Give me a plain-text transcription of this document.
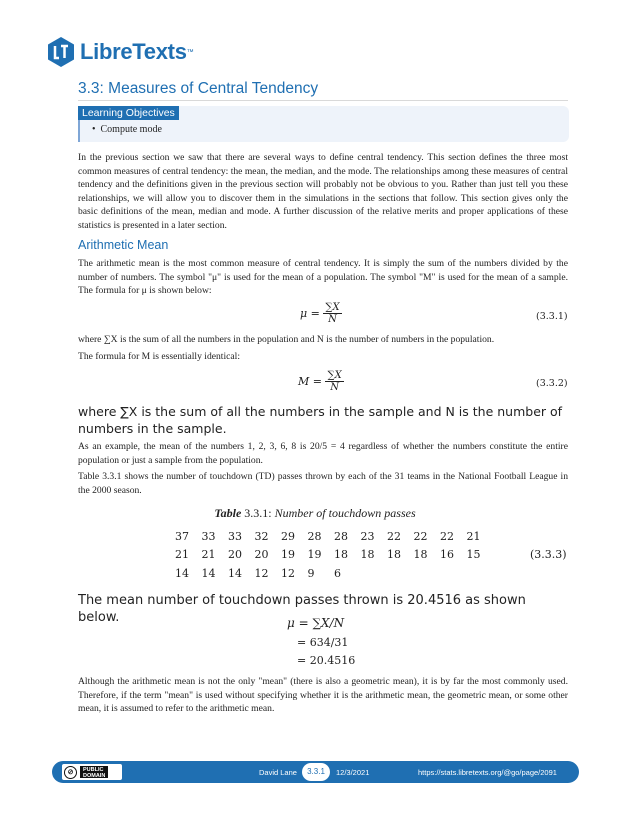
LibreTexts ™
3.3: Measures of Central Tendency
Learning Objectives
•  Compute mode
In the previous section we saw that there are several ways to define central tendency. This section defines the three most common measures of central tendency: the mean, the median, and the mode. The relationships among these measures of central tendency and the definitions given in the previous section will probably not be obvious to you. Rather than just tell you these relationships, we will allow you to discover them in the simulations in the sections that follow. This section gives only the basic definitions of the mean, median and mode. A further discussion of the relative merits and proper applications of these statistics is presented in a later section.
Arithmetic Mean
The arithmetic mean is the most common measure of central tendency. It is simply the sum of the numbers divided by the number of numbers. The symbol "μ" is used for the mean of a population. The symbol "M" is used for the mean of a sample. The formula for μ is shown below:
μ =
$\frac{\sum X}{N}$	(3.3.1)
where ∑X is the sum of all the numbers in the population and N is the number of numbers in the population.
The formula for M is essentially identical:
M =
$\frac{\sum X}{N}$	(3.3.2)
where ∑X is the sum of all the numbers in the sample and N is the number of numbers in the sample.
As an example, the mean of the numbers 1, 2, 3, 6, 8 is 20/5 = 4 regardless of whether the numbers constitute the entire population or just a sample from the population.
Table 3.3.1 shows the number of touchdown (TD) passes thrown by each of the 31 teams in the National Football League in the 2000 season.
Table 3.3.1: Number of touchdown passes
37	33	33	32	29	28	28	23	22	22	22	21
21	21	20	20	19	19	18	18	18	18	16	15
14	14	14	12	12	9	6
(3.3.3)
The mean number of touchdown passes thrown is 20.4516 as shown below.	μ = ∑X/N
= 634/31
= 20.4516
Although the arithmetic mean is not the only "mean" (there is also a geometric mean), it is by far the most commonly used. Therefore, if the term "mean" is used without specifying whether it is the arithmetic mean, the geometric mean, or some other mean, it is assumed to refer to the arithmetic mean.
⊘	PUBLIC
DOMAIN	David Lane	3.3.1	12/3/2021	https://stats.libretexts.org/@go/page/2091
